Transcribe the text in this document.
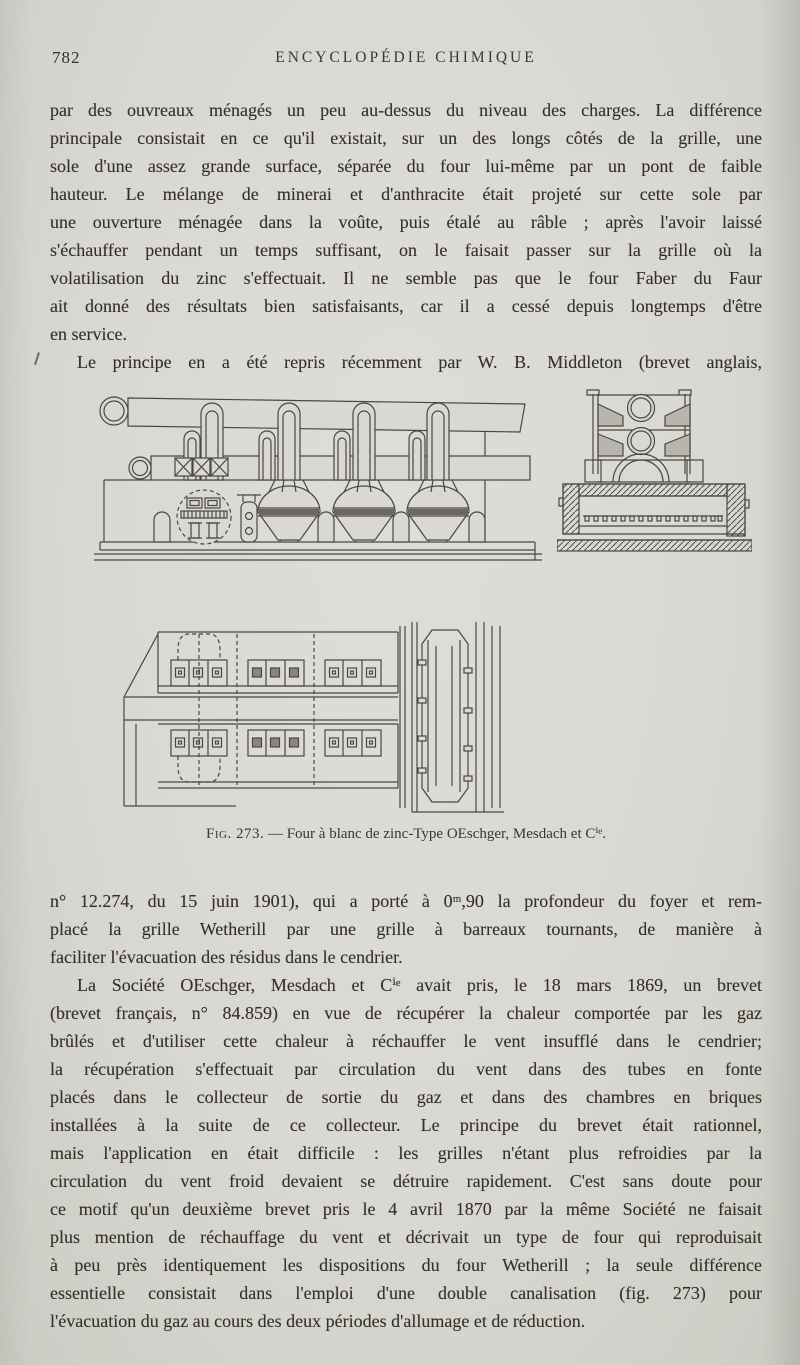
782	ENCYCLOPÉDIE CHIMIQUE
par des ouvreaux ménagés un peu au-dessus du niveau des charges. La différence
principale consistait en ce qu'il existait, sur un des longs côtés de la grille, une
sole d'une assez grande surface, séparée du four lui-même par un pont de faible
hauteur. Le mélange de minerai et d'anthracite était projeté sur cette sole par
une ouverture ménagée dans la voûte, puis étalé au râble ; après l'avoir laissé
s'échauffer pendant un temps suffisant, on le faisait passer sur la grille où la
volatilisation du zinc s'effectuait. Il ne semble pas que le four Faber du Faur
ait donné des résultats bien satisfaisants, car il a cessé depuis longtemps d'être
en service.
Le principe en a été repris récemment par W. B. Middleton (brevet anglais,
Fig. 273. — Four à blanc de zinc-Type OEschger, Mesdach et Cⁱᵉ.
n° 12.274, du 15 juin 1901), qui a porté à 0ᵐ,90 la profondeur du foyer et rem-
placé la grille Wetherill par une grille à barreaux tournants, de manière à
faciliter l'évacuation des résidus dans le cendrier.
La Société OEschger, Mesdach et Cⁱᵉ avait pris, le 18 mars 1869, un brevet
(brevet français, n° 84.859) en vue de récupérer la chaleur comportée par les gaz
brûlés et d'utiliser cette chaleur à réchauffer le vent insufflé dans le cendrier;
la récupération s'effectuait par circulation du vent dans des tubes en fonte
placés dans le collecteur de sortie du gaz et dans des chambres en briques
installées à la suite de ce collecteur. Le principe du brevet était rationnel,
mais l'application en était difficile : les grilles n'étant plus refroidies par la
circulation du vent froid devaient se détruire rapidement. C'est sans doute pour
ce motif qu'un deuxième brevet pris le 4 avril 1870 par la même Société ne faisait
plus mention de réchauffage du vent et décrivait un type de four qui reproduisait
à peu près identiquement les dispositions du four Wetherill ; la seule différence
essentielle consistait dans l'emploi d'une double canalisation (fig. 273) pour
l'évacuation du gaz au cours des deux périodes d'allumage et de réduction.
